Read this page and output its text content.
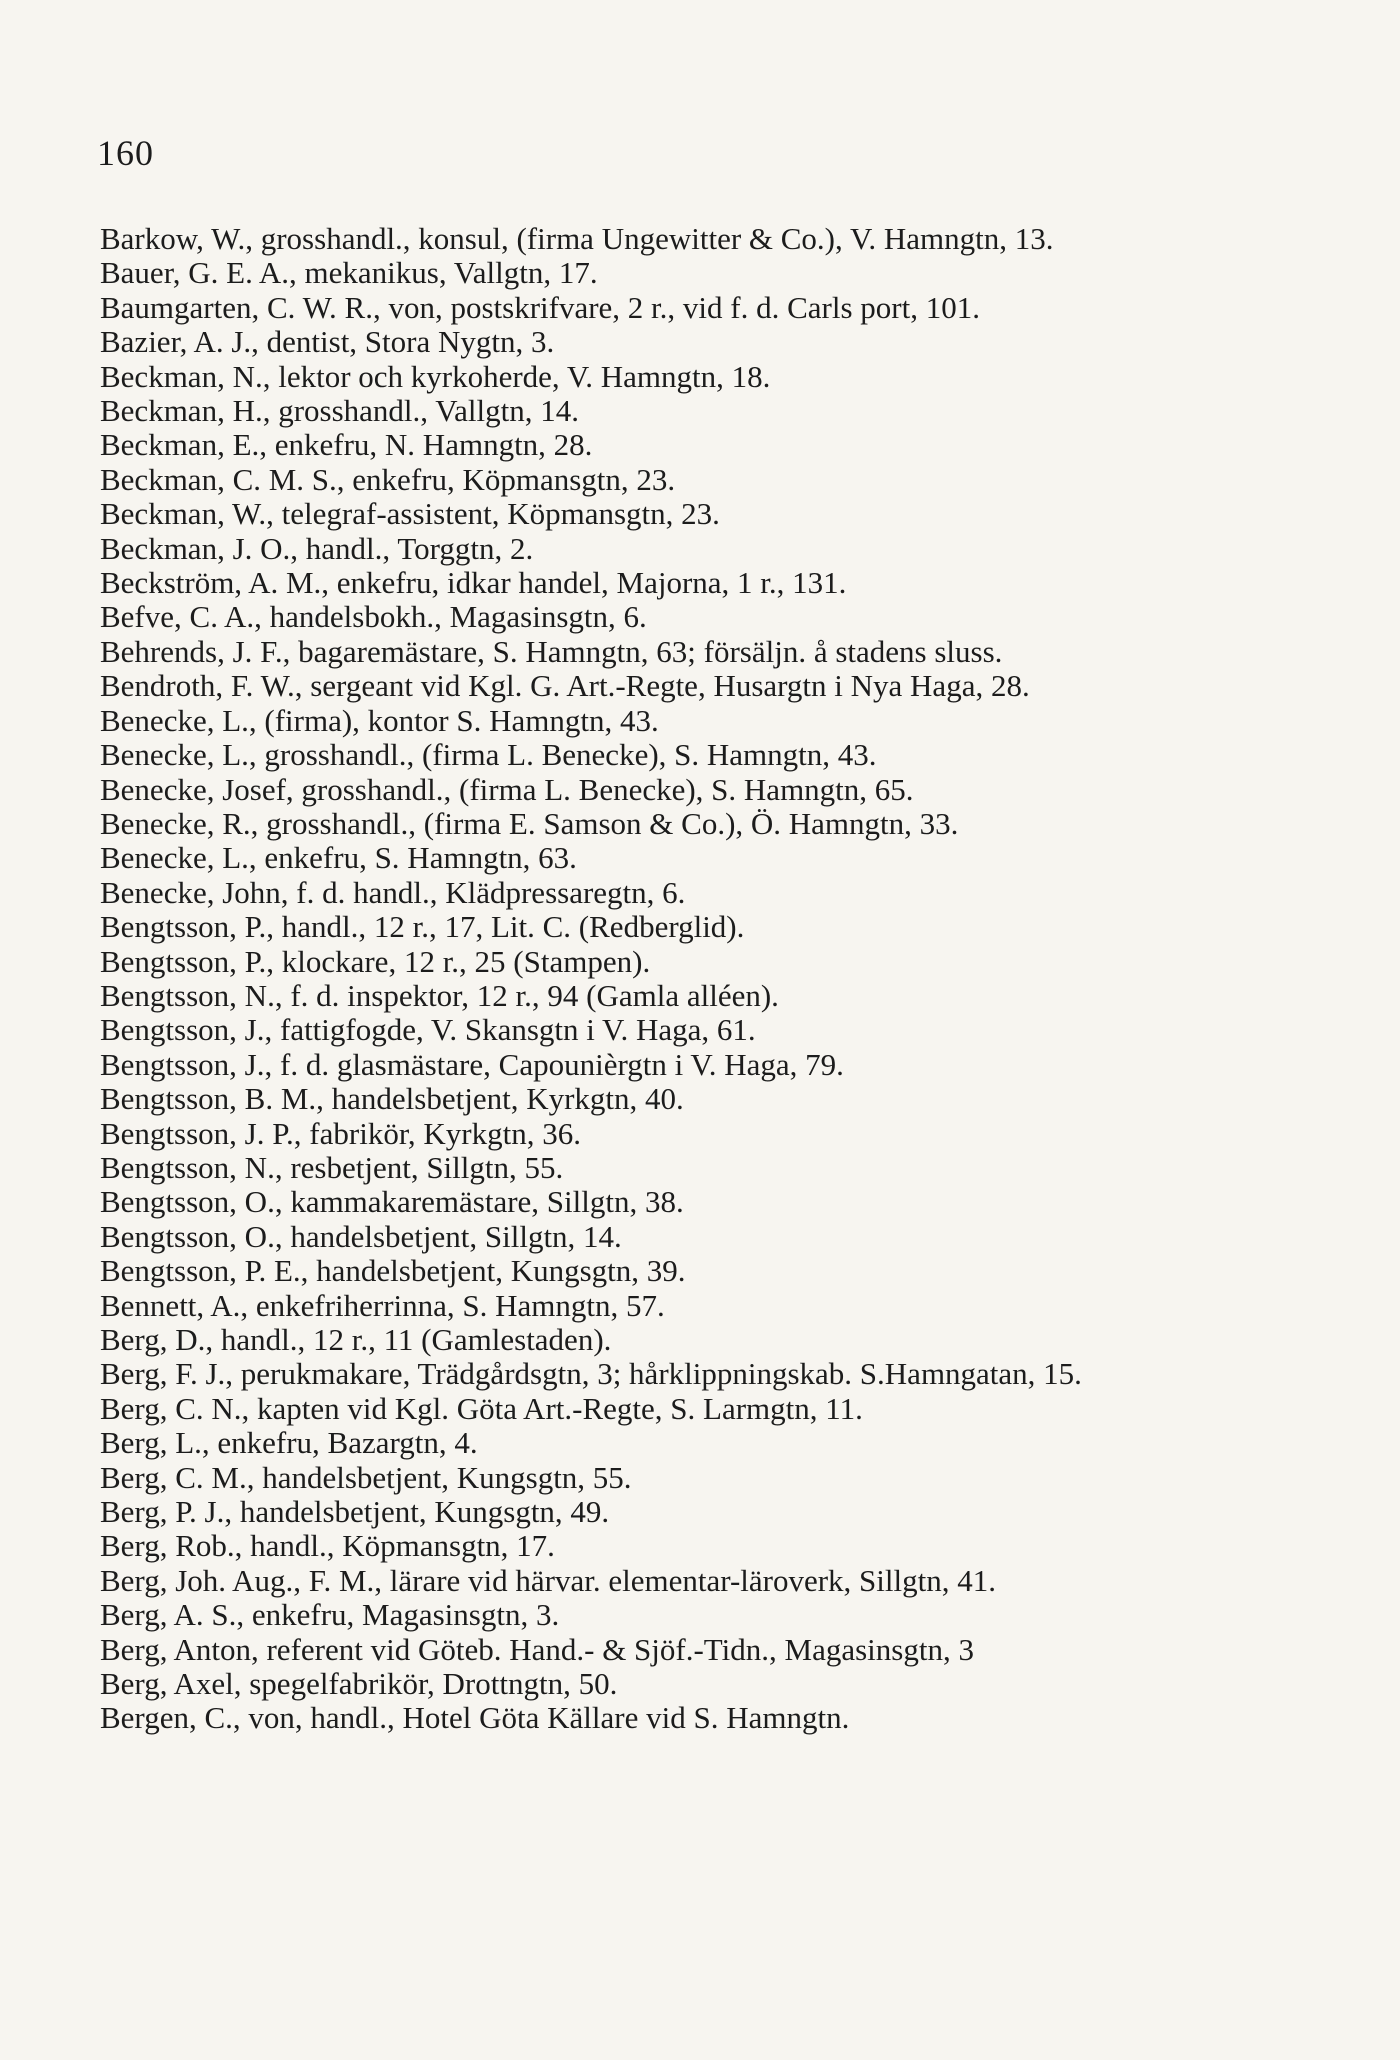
160
Barkow, W., grosshandl., konsul, (firma Ungewitter & Co.), V. Hamngtn, 13.
Bauer, G. E. A., mekanikus, Vallgtn, 17.
Baumgarten, C. W. R., von, postskrifvare, 2 r., vid f. d. Carls port, 101.
Bazier, A. J., dentist, Stora Nygtn, 3.
Beckman, N., lektor och kyrkoherde, V. Hamngtn, 18.
Beckman, H., grosshandl., Vallgtn, 14.
Beckman, E., enkefru, N. Hamngtn, 28.
Beckman, C. M. S., enkefru, Köpmansgtn, 23.
Beckman, W., telegraf-assistent, Köpmansgtn, 23.
Beckman, J. O., handl., Torggtn, 2.
Beckström, A. M., enkefru, idkar handel, Majorna, 1 r., 131.
Befve, C. A., handelsbokh., Magasinsgtn, 6.
Behrends, J. F., bagaremästare, S. Hamngtn, 63; försäljn. å stadens sluss.
Bendroth, F. W., sergeant vid Kgl. G. Art.-Regte, Husargtn i Nya Haga, 28.
Benecke, L., (firma), kontor S. Hamngtn, 43.
Benecke, L., grosshandl., (firma L. Benecke), S. Hamngtn, 43.
Benecke, Josef, grosshandl., (firma L. Benecke), S. Hamngtn, 65.
Benecke, R., grosshandl., (firma E. Samson & Co.), Ö. Hamngtn, 33.
Benecke, L., enkefru, S. Hamngtn, 63.
Benecke, John, f. d. handl., Klädpressaregtn, 6.
Bengtsson, P., handl., 12 r., 17, Lit. C. (Redberglid).
Bengtsson, P., klockare, 12 r., 25 (Stampen).
Bengtsson, N., f. d. inspektor, 12 r., 94 (Gamla alléen).
Bengtsson, J., fattigfogde, V. Skansgtn i V. Haga, 61.
Bengtsson, J., f. d. glasmästare, Capounièrgtn i V. Haga, 79.
Bengtsson, B. M., handelsbetjent, Kyrkgtn, 40.
Bengtsson, J. P., fabrikör, Kyrkgtn, 36.
Bengtsson, N., resbetjent, Sillgtn, 55.
Bengtsson, O., kammakaremästare, Sillgtn, 38.
Bengtsson, O., handelsbetjent, Sillgtn, 14.
Bengtsson, P. E., handelsbetjent, Kungsgtn, 39.
Bennett, A., enkefriherrinna, S. Hamngtn, 57.
Berg, D., handl., 12 r., 11 (Gamlestaden).
Berg, F. J., perukmakare, Trädgårdsgtn, 3; hårklippningskab. S.Hamngatan, 15.
Berg, C. N., kapten vid Kgl. Göta Art.-Regte, S. Larmgtn, 11.
Berg, L., enkefru, Bazargtn, 4.
Berg, C. M., handelsbetjent, Kungsgtn, 55.
Berg, P. J., handelsbetjent, Kungsgtn, 49.
Berg, Rob., handl., Köpmansgtn, 17.
Berg, Joh. Aug., F. M., lärare vid härvar. elementar-läroverk, Sillgtn, 41.
Berg, A. S., enkefru, Magasinsgtn, 3.
Berg, Anton, referent vid Göteb. Hand.- & Sjöf.-Tidn., Magasinsgtn, 3
Berg, Axel, spegelfabrikör, Drottngtn, 50.
Bergen, C., von, handl., Hotel Göta Källare vid S. Hamngtn.
